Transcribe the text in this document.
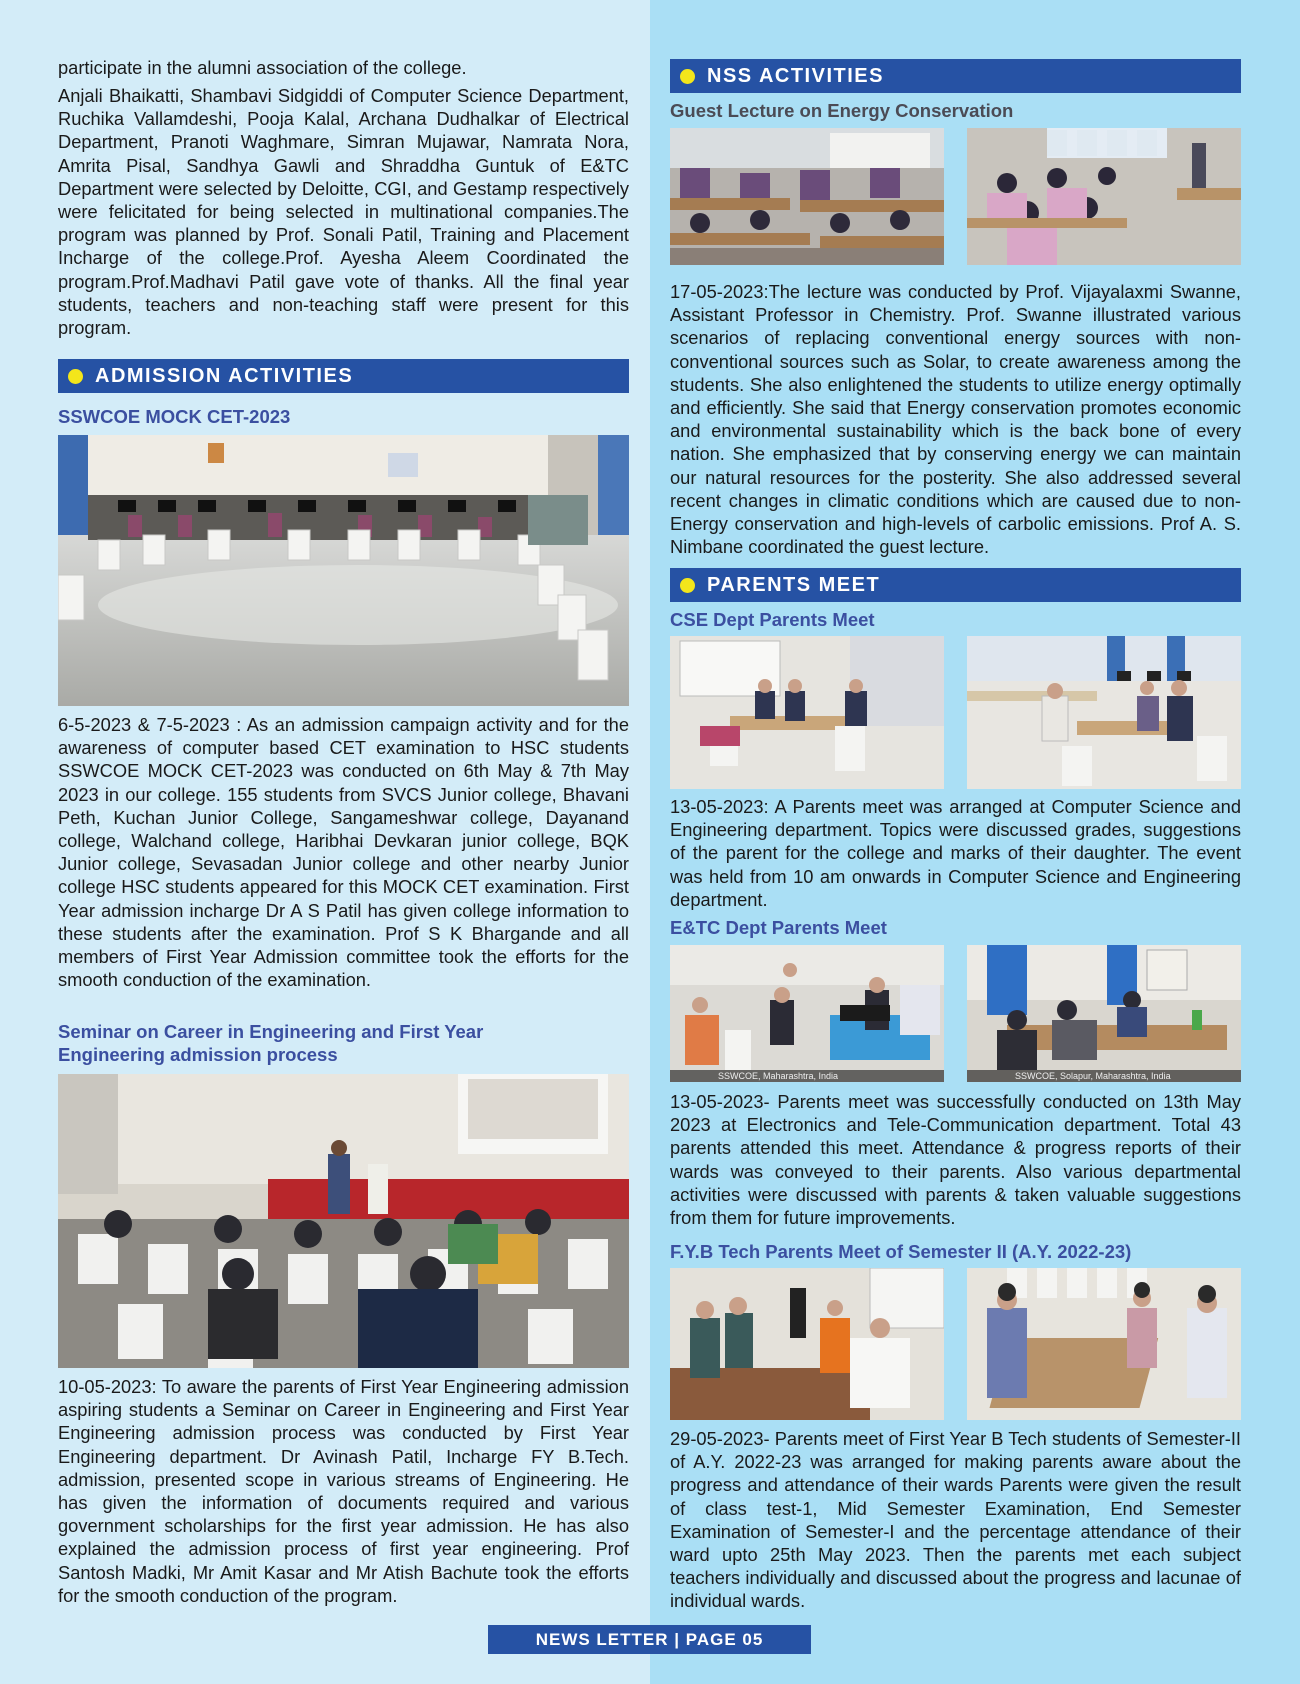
participate in the alumni association of the college.

Anjali Bhaikatti, Shambavi Sidgiddi of Computer Science Department, Ruchika Vallamdeshi, Pooja Kalal, Archana Dudhalkar of Electrical Department, Pranoti Waghmare, Simran Mujawar, Namrata Nora, Amrita Pisal, Sandhya Gawli and Shraddha Guntuk of E&TC Department were selected by Deloitte, CGI, and Gestamp respectively were felicitated for being selected in multinational companies.The program was planned by Prof. Sonali Patil, Training and Placement Incharge of the college.Prof. Ayesha Aleem Coordinated the program.Prof.Madhavi Patil gave vote of thanks. All the final year students, teachers and non-teaching staff were present for this program.

ADMISSION ACTIVITIES

SSWCOE MOCK CET-2023

6-5-2023 & 7-5-2023 : As an admission campaign activity and for the awareness of computer based CET examination to HSC students SSWCOE MOCK CET-2023 was conducted on 6th May & 7th May 2023 in our college. 155 students from SVCS Junior college, Bhavani Peth, Kuchan Junior College, Sangameshwar college, Dayanand college, Walchand college, Haribhai Devkaran junior college, BQK Junior college, Sevasadan Junior college and other nearby Junior college HSC students appeared for this MOCK CET examination. First Year admission incharge Dr A S Patil has given college information to these students after the examination. Prof S K Bhargande and all members of First Year Admission committee took the efforts for the smooth conduction of the examination.

Seminar on Career in Engineering and First Year

Engineering admission process

10-05-2023: To aware the parents of First Year Engineering admission aspiring students a Seminar on Career in Engineering and First Year Engineering admission process was conducted by First Year Engineering department. Dr Avinash Patil, Incharge FY B.Tech. admission, presented scope in various streams of Engineering. He has given the information of documents required and various government scholarships for the first year admission. He has also explained the admission process of first year engineering. Prof Santosh Madki, Mr Amit Kasar and Mr Atish Bachute took the efforts for the smooth conduction of the program.

NSS ACTIVITIES

Guest Lecture on Energy Conservation

17-05-2023:The lecture was conducted by Prof. Vijayalaxmi Swanne, Assistant Professor in Chemistry. Prof. Swanne illustrated various scenarios of replacing conventional energy sources with non-conventional sources such as Solar, to create awareness among the students. She also enlightened the students to utilize energy optimally and efficiently. She said that Energy conservation promotes economic and environmental sustainability which is the back bone of every nation. She emphasized that by conserving energy we can maintain our natural resources for the posterity. She also addressed several recent changes in climatic conditions which are caused due to non-Energy conservation and high-levels of carbolic emissions. Prof A. S. Nimbane coordinated the guest lecture.

PARENTS MEET

CSE Dept Parents Meet

13-05-2023: A Parents meet was arranged at Computer Science and Engineering department. Topics were discussed grades, suggestions of the parent for the college and marks of their daughter. The event was held from 10 am onwards in Computer Science and Engineering department.

E&TC Dept Parents Meet

SSWCOE, Maharashtra, India	SSWCOE, Solapur, Maharashtra, India

13-05-2023- Parents meet was successfully conducted on 13th May 2023 at Electronics and Tele-Communication department. Total 43 parents attended this meet. Attendance & progress reports of their wards was conveyed to their parents. Also various departmental activities were discussed with parents & taken valuable suggestions from them for future improvements.

F.Y.B Tech Parents Meet of Semester II (A.Y. 2022-23)

29-05-2023- Parents meet of First Year B Tech students of Semester-II of A.Y. 2022-23 was arranged for making parents aware about the progress and attendance of their wards Parents were given the result of class test-1, Mid Semester Examination, End Semester Examination of Semester-I and the percentage attendance of their ward upto 25th May 2023. Then the parents met each subject teachers individually and discussed about the progress and lacunae of individual wards.

NEWS LETTER | PAGE 05
